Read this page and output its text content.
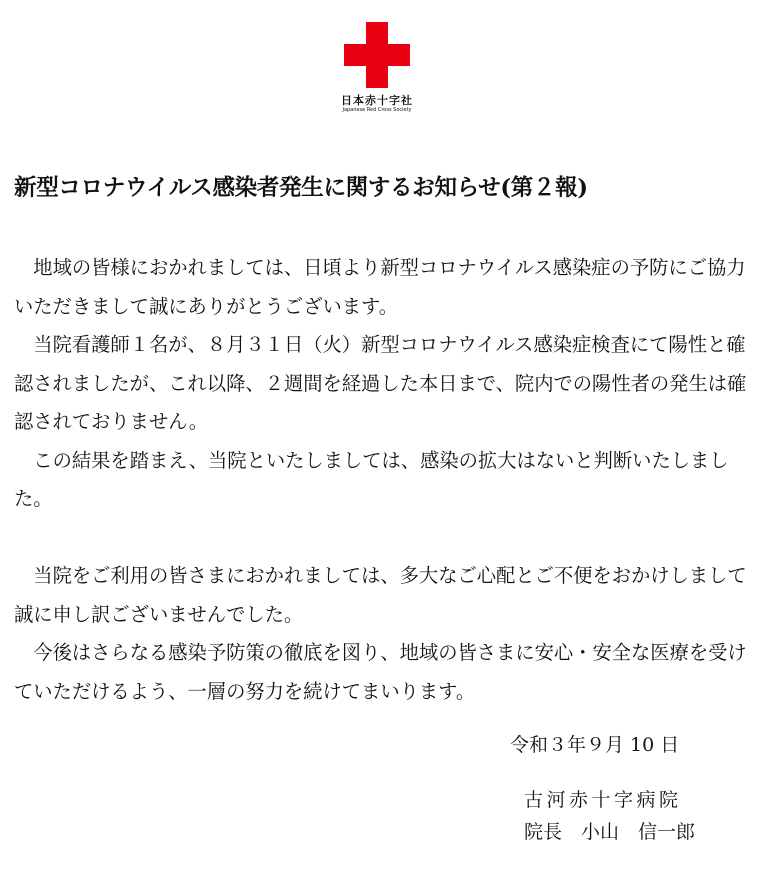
日本赤十字社
Japanese Red Cross Society
新型コロナウイルス感染者発生に関するお知らせ(第２報)

地域の皆様におかれましては、日頃より新型コロナウイルス感染症の予防にご協力いただきまして誠にありがとうございます。

当院看護師１名が、８月３１日（火）新型コロナウイルス感染症検査にて陽性と確認されましたが、これ以降、２週間を経過した本日まで、院内での陽性者の発生は確認されておりません。

この結果を踏まえ、当院といたしましては、感染の拡大はないと判断いたしました。

当院をご利用の皆さまにおかれましては、多大なご心配とご不便をおかけしまして誠に申し訳ございませんでした。

今後はさらなる感染予防策の徹底を図り、地域の皆さまに安心・安全な医療を受けていただけるよう、一層の努力を続けてまいります。

令和３年９月 10 日
古河赤十字病院
院長　小山　信一郎
